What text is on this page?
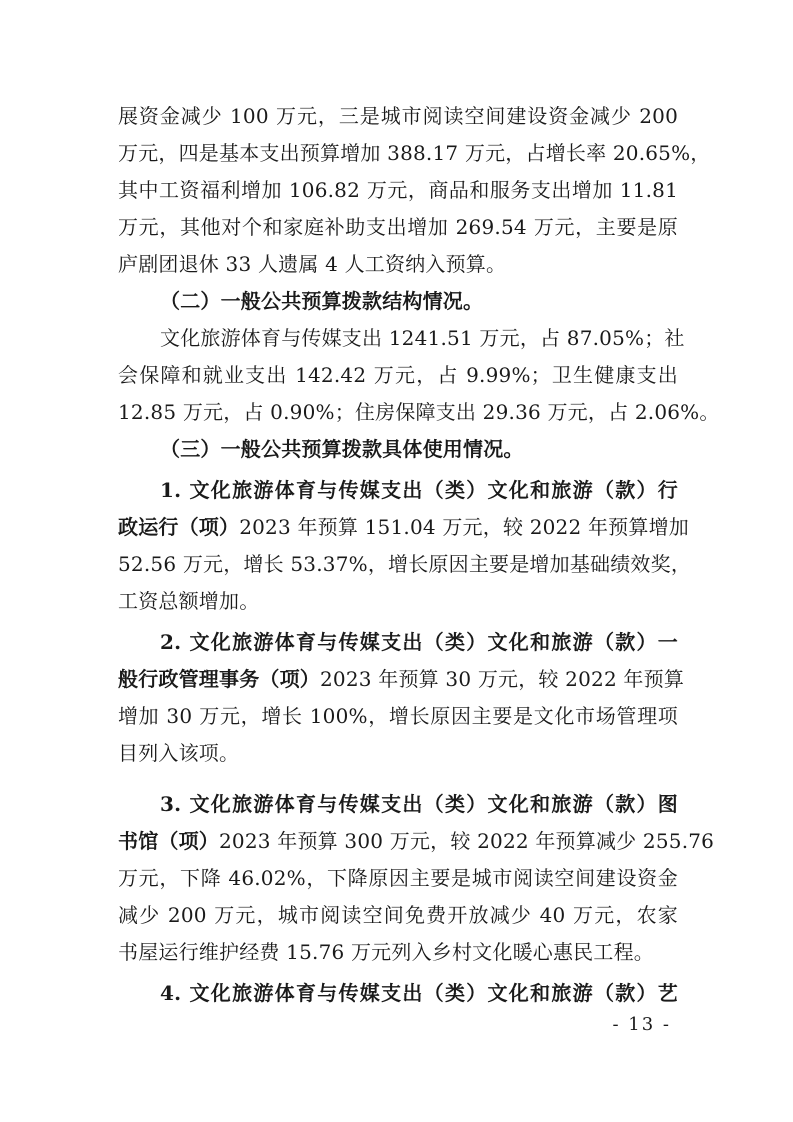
展资金减少 100 万元，三是城市阅读空间建设资金减少 200
万元，四是基本支出预算增加 388.17 万元，占增长率 20.65%，
其中工资福利增加 106.82 万元，商品和服务支出增加 11.81
万元，其他对个和家庭补助支出增加 269.54 万元，主要是原
庐剧团退休 33 人遗属 4 人工资纳入预算。
（二）一般公共预算拨款结构情况。
文化旅游体育与传媒支出 1241.51 万元，占 87.05%；社
会保障和就业支出 142.42 万元，占 9.99%；卫生健康支出
12.85 万元，占 0.90%；住房保障支出 29.36 万元，占 2.06%。
（三）一般公共预算拨款具体使用情况。
1. 文化旅游体育与传媒支出（类）文化和旅游（款）行
政运行（项）2023 年预算 151.04 万元，较 2022 年预算增加
52.56 万元，增长 53.37%，增长原因主要是增加基础绩效奖，
工资总额增加。
2. 文化旅游体育与传媒支出（类）文化和旅游（款）一
般行政管理事务（项）2023 年预算 30 万元，较 2022 年预算
增加 30 万元，增长 100%，增长原因主要是文化市场管理项
目列入该项。
3. 文化旅游体育与传媒支出（类）文化和旅游（款）图
书馆（项）2023 年预算 300 万元，较 2022 年预算减少 255.76
万元，下降 46.02%，下降原因主要是城市阅读空间建设资金
减少 200 万元，城市阅读空间免费开放减少 40 万元，农家
书屋运行维护经费 15.76 万元列入乡村文化暖心惠民工程。
4. 文化旅游体育与传媒支出（类）文化和旅游（款）艺
- 13 -
